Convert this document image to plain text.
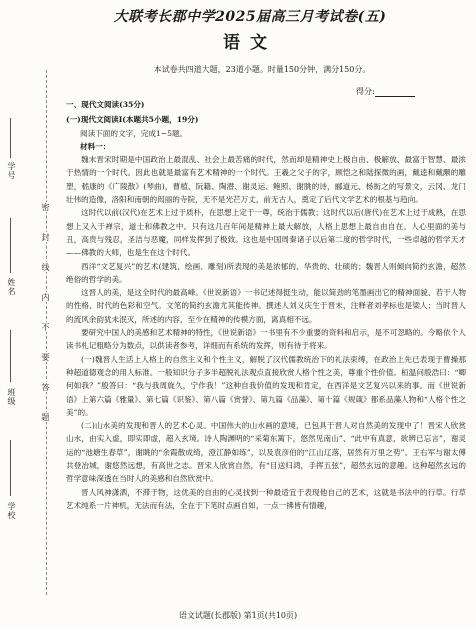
学号
姓名
班级
学校
密
封
线
内
不
要
答
题
大联考长郡中学2025届高三月考试卷(五)
语文
本试卷共四道大题，23道小题。时量150分钟，满分150分。
得分:

一、现代文阅读(35分)

(一)现代文阅读Ⅰ(本题共5小题，19分)

阅读下面的文字，完成1~5题。

材料一：

魏末晋宋时期是中国政治上最混乱、社会上最苦痛的时代，然而却是精神史上极自由、极解放、最富于智慧、最浓于热情的一个时代。因此也就是最富有艺术精神的一个时代。王羲之父子的字，顾恺之和陆探微的画，戴逵和戴颙的雕塑，嵇康的《广陵散》(琴曲)，曹植、阮籍、陶潜、谢灵运、鲍照、谢朓的诗，郦道元、杨衒之的写景文，云冈、龙门壮伟的造像，洛阳和南朝的闳丽的寺院，无不是光芒万丈，前无古人，奠定了后代文学艺术的根基与趋向。

这时代以前(汉代)在艺术上过于质朴，在思想上定于一尊，统治于儒教；这时代以后(唐代)在艺术上过于成熟，在思想上又入于禅宗，道士和佛教之中。只有这几百年间是精神上最大解放，人格上思想上最自由自在。人心里面的美与丑，高贵与残忍，圣洁与恶魔，同样发挥到了极致。这也是中国周秦诸子以后第二度的哲学时代，一些卓越的哲学天才——佛教的大师，也是生在这个时代。

西洋“文艺复兴”的艺术(建筑、绘画、雕刻)所表现的美是浓郁的、华贵的、壮硕的；魏晋人则倾向简约玄澹，超然绝俗的哲学的美。

这晋人的美，是这全时代的最高峰。《世说新语》一书记述得挺生动，能以简劲的笔墨画出它的精神面貌、若干人物的性格、时代的色彩和空气。文笔的简约玄澹尤其能传神。撰述人刘义庆生于晋末，注释者刘孝标也是梁人；当时晋人的流风余韵犹未泯灭，所述的内容，至少在精神的传模方面，离真相不远。

要研究中国人的美感和艺术精神的特性，《世说新语》一书里有不少重要的资料和启示，是不可忽略的。今略依个人读书札记粗略分为数点，以供读者参考，详细而有系统的发挥，则有待于将来。

(一)魏晋人生活上人格上的自然主义和个性主义，解脱了汉代儒教统治下的礼法束缚，在政治上先已表现于曹操那种超道德观念的用人标准。一般知识分子多半超脱礼法观点直接欣赏人格个性之美，尊重个性价值。桓温问殷浩曰：“卿何如我？”殷答曰：“我与我周旋久，宁作我！”这种自我价值的发现和肯定，在西洋是文艺复兴以来的事。而《世说新语》上第六篇《雅量》、第七篇《识鉴》、第八篇《赏誉》、第九篇《品藻》、第十篇《规箴》都系品藻人物和“人格个性之美”的。

(二)山水美的发现和晋人的艺术心灵。中国伟大的山水画的意境，已包具于晋人对自然美的发现中了！晋宋人欣赏山水，由实入虚，即实即虚，超入玄境。诗人陶渊明的“采菊东篱下，悠然见南山”、“此中有真意，欲辨已忘言”，谢灵运的“池塘生春草”，谢眺的“余霞散成绮，澄江静如练”，以及袁彦伯的“江山辽落，居然有万里之势”。王右军与谢太傅共登冶城，谢悠然远想，有高世之志。晋宋人欣赏自然，有“目送归鸿，手挥五弦”，超然玄远的意趣。这种超然玄远的哲学意味深透在当时人的美感和自然欣赏中。

晋人风神潇洒，不滞于物，这优美的自由的心灵找到一种最适宜于表现他自己的艺术，这就是书法中的行草。行草艺术纯系一片神机，无法而有法，全在于下笔时点画自如，一点一拂皆有情趣，

语文试题(长郡版) 第1页(共10页)
